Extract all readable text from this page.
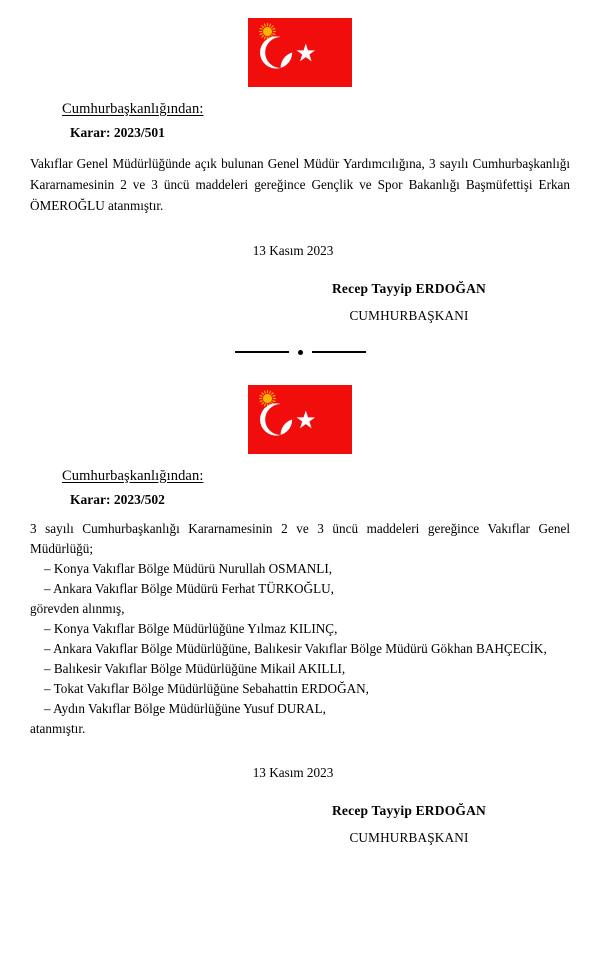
Cumhurbaşkanlığından:
Karar: 2023/501

Vakıflar Genel Müdürlüğünde açık bulunan Genel Müdür Yardımcılığına, 3 sayılı Cumhurbaşkanlığı Kararnamesinin 2 ve 3 üncü maddeleri gereğince Gençlik ve Spor Bakanlığı Başmüfettişi Erkan ÖMEROĞLU atanmıştır.

13 Kasım 2023
Recep Tayyip ERDOĞAN
CUMHURBAŞKANI
Cumhurbaşkanlığından:
Karar: 2023/502

3 sayılı Cumhurbaşkanlığı Kararnamesinin 2 ve 3 üncü maddeleri gereğince Vakıflar Genel Müdürlüğü;

– Konya Vakıflar Bölge Müdürü Nurullah OSMANLI,
– Ankara Vakıflar Bölge Müdürü Ferhat TÜRKOĞLU,
görevden alınmış,
– Konya Vakıflar Bölge Müdürlüğüne Yılmaz KILINÇ,
– Ankara Vakıflar Bölge Müdürlüğüne, Balıkesir Vakıflar Bölge Müdürü Gökhan BAHÇECİK,
– Balıkesir Vakıflar Bölge Müdürlüğüne Mikail AKILLI,
– Tokat Vakıflar Bölge Müdürlüğüne Sebahattin ERDOĞAN,
– Aydın Vakıflar Bölge Müdürlüğüne Yusuf DURAL,
atanmıştır.
13 Kasım 2023
Recep Tayyip ERDOĞAN
CUMHURBAŞKANI
